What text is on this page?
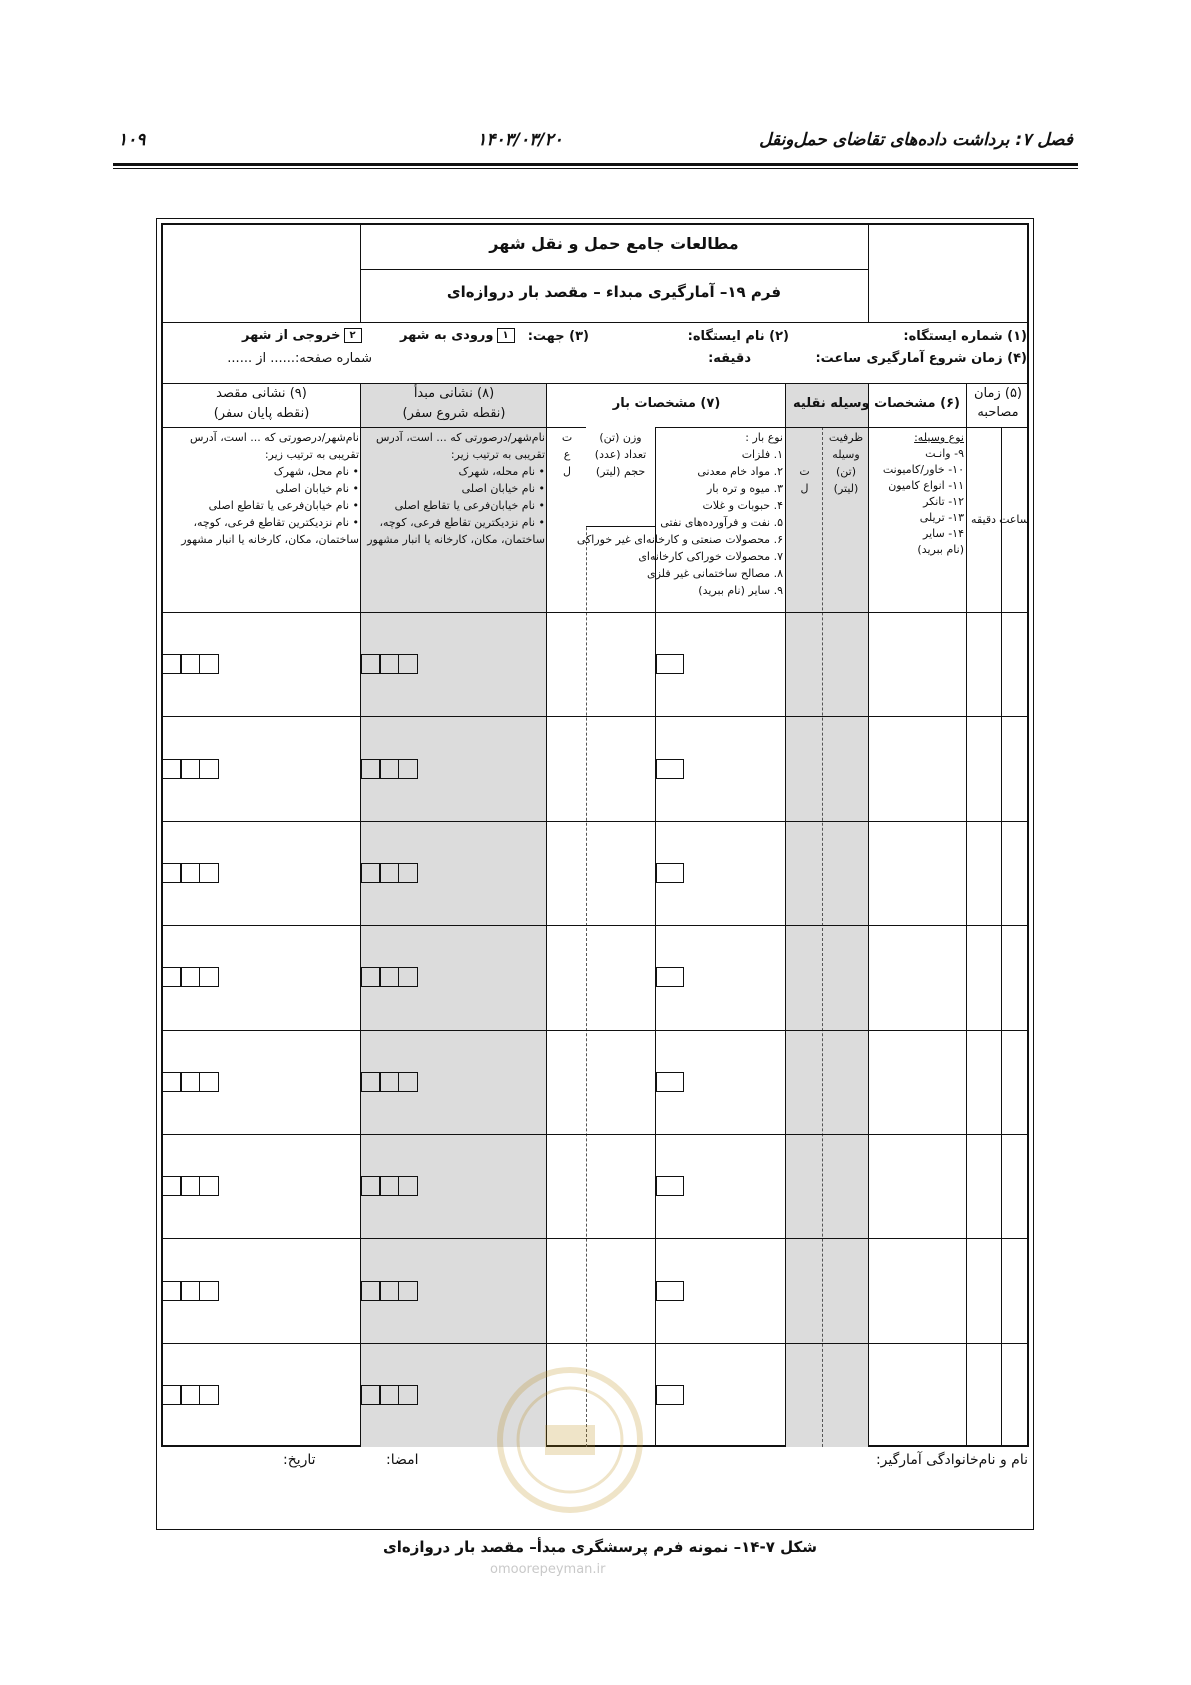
فصل ۷: برداشت داده‌های تقاضای حمل‌ونقل
۱۴۰۳/۰۳/۲۰
۱۰۹
مطالعات جامع حمل و نقل شهر
فرم ۱۹– آمارگیری مبداء – مقصد بار دروازه‌ای
(۱) شماره ایستگاه:
(۲) نام ایستگاه:
(۳) جهت:
۱ورودی به شهر
۲خروجی از شهر
(۴) زمان شروع آمارگیری
ساعت:
دقیقه:
شماره صفحه:...... از ......
(۵) زمان مصاحبه
(۶) مشخصات وسیله نقلیه
(۷) مشخصات بار
(۸) نشانی مبدأ
(نقطه شروع سفر)
(۹) نشانی مقصد
(نقطه پایان سفر)
ساعت
دقیقه
نوع وسیله:
۹- وانـت
۱۰- خاور/کامیونت
۱۱- انواع کامیون
۱۲- تانکر
۱۳- تریلی
۱۴- سایر
(نام ببرید)
ظرفیت
وسیله
(تن)
(لیتر)
ت
ل
نوع بار :
۱. فلزات
۲. مواد خام معدنی
۳. میوه و تره بار
۴. حبوبات و غلات
۵. نفت و فرآورده‌های نفتی
۶. محصولات صنعتی و کارخانه‌ای غیر خوراکی
۷. محصولات خوراکی کارخانه‌ای
۸. مصالح ساختمانی غیر فلزی
۹. سایر (نام ببرید)
وزن (تن)
تعداد (عدد)
حجم (لیتر)
ت
ع
ل
نام‌شهر/درصورتی که ... است، آدرس
تقریبی به ترتیب زیر:
• نام محله، شهرک
• نام خیابان اصلی
• نام خیابان‌فرعی یا تقاطع اصلی
• نام نزدیکترین تقاطع فرعی، کوچه،
ساختمان، مکان، کارخانه یا انبار مشهور
نام‌شهر/درصورتی که ... است، آدرس
تقریبی به ترتیب زیر:
• نام محل، شهرک
• نام خیابان اصلی
• نام خیابان‌فرعی یا تقاطع اصلی
• نام نزدیکترین تقاطع فرعی، کوچه،
ساختمان، مکان، کارخانه یا انبار مشهور
نام و نام‌خانوادگی آمارگیر:
امضا:
تاریخ:
شکل ۷-۱۴– نمونه فرم پرسشگری مبدأ– مقصد بار دروازه‌ای
omoorepeyman.ir
